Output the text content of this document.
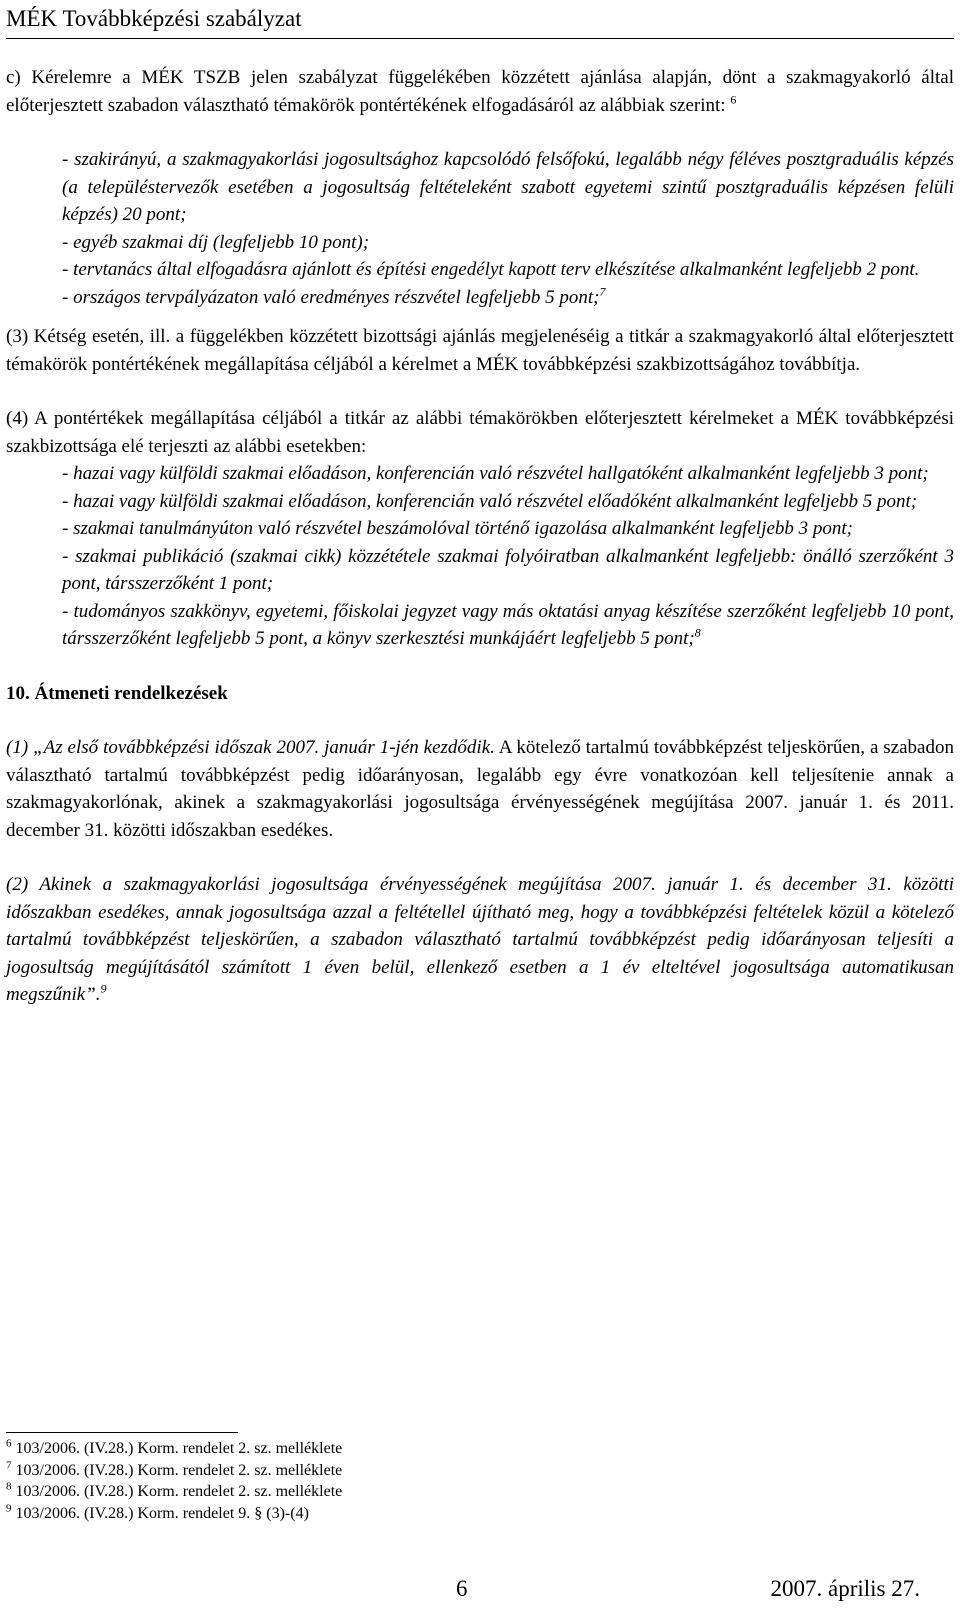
MÉK Továbbképzési szabályzat

c) Kérelemre a MÉK TSZB jelen szabályzat függelékében közzétett ajánlása alapján, dönt a szakmagyakorló által előterjesztett szabadon választható témakörök pontértékének elfogadásáról az alábbiak szerint: $^6$

- szakirányú, a szakmagyakorlási jogosultsághoz kapcsolódó felsőfokú, legalább négy féléves posztgraduális képzés (a településtervezők esetében a jogosultság feltételeként szabott egyetemi szintű posztgraduális képzésen felüli képzés) 20 pont;

- egyéb szakmai díj (legfeljebb 10 pont);

- tervtanács által elfogadásra ajánlott és építési engedélyt kapott terv elkészítése alkalmanként legfeljebb 2 pont.

- országos tervpályázaton való eredményes részvétel legfeljebb 5 pont;$^7$

(3) Kétség esetén, ill. a függelékben közzétett bizottsági ajánlás megjelenéséig a titkár a szakmagyakorló által előterjesztett témakörök pontértékének megállapítása céljából a kérelmet a MÉK továbbképzési szakbizottságához továbbítja.

(4) A pontértékek megállapítása céljából a titkár az alábbi témakörökben előterjesztett kérelmeket a MÉK továbbképzési szakbizottsága elé terjeszti az alábbi esetekben:

- hazai vagy külföldi szakmai előadáson, konferencián való részvétel hallgatóként alkalmanként legfeljebb 3 pont;

- hazai vagy külföldi szakmai előadáson, konferencián való részvétel előadóként alkalmanként legfeljebb 5 pont;

- szakmai tanulmányúton való részvétel beszámolóval történő igazolása alkalmanként legfeljebb 3 pont;

- szakmai publikáció (szakmai cikk) közzététele szakmai folyóiratban alkalmanként legfeljebb: önálló szerzőként 3 pont, társszerzőként 1 pont;

- tudományos szakkönyv, egyetemi, főiskolai jegyzet vagy más oktatási anyag készítése szerzőként legfeljebb 10 pont, társszerzőként legfeljebb 5 pont, a könyv szerkesztési munkájáért legfeljebb 5 pont;$^8$

10. Átmeneti rendelkezések

(1) „Az első továbbképzési időszak 2007. január 1-jén kezdődik. A kötelező tartalmú továbbképzést teljeskörűen, a szabadon választható tartalmú továbbképzést pedig időarányosan, legalább egy évre vonatkozóan kell teljesítenie annak a szakmagyakorlónak, akinek a szakmagyakorlási jogosultsága érvényességének megújítása 2007. január 1. és 2011. december 31. közötti időszakban esedékes.

(2) Akinek a szakmagyakorlási jogosultsága érvényességének megújítása 2007. január 1. és december 31. közötti időszakban esedékes, annak jogosultsága azzal a feltétellel újítható meg, hogy a továbbképzési feltételek közül a kötelező tartalmú továbbképzést teljeskörűen, a szabadon választható tartalmú továbbképzést pedig időarányosan teljesíti a jogosultság megújításától számított 1 éven belül, ellenkező esetben a 1 év elteltével jogosultsága automatikusan megszűnik”.$^9$

$^6$ 103/2006. (IV.28.) Korm. rendelet 2. sz. melléklete

$^7$ 103/2006. (IV.28.) Korm. rendelet 2. sz. melléklete

$^8$ 103/2006. (IV.28.) Korm. rendelet 2. sz. melléklete

$^9$ 103/2006. (IV.28.) Korm. rendelet 9. § (3)-(4)

6	2007. április 27.
